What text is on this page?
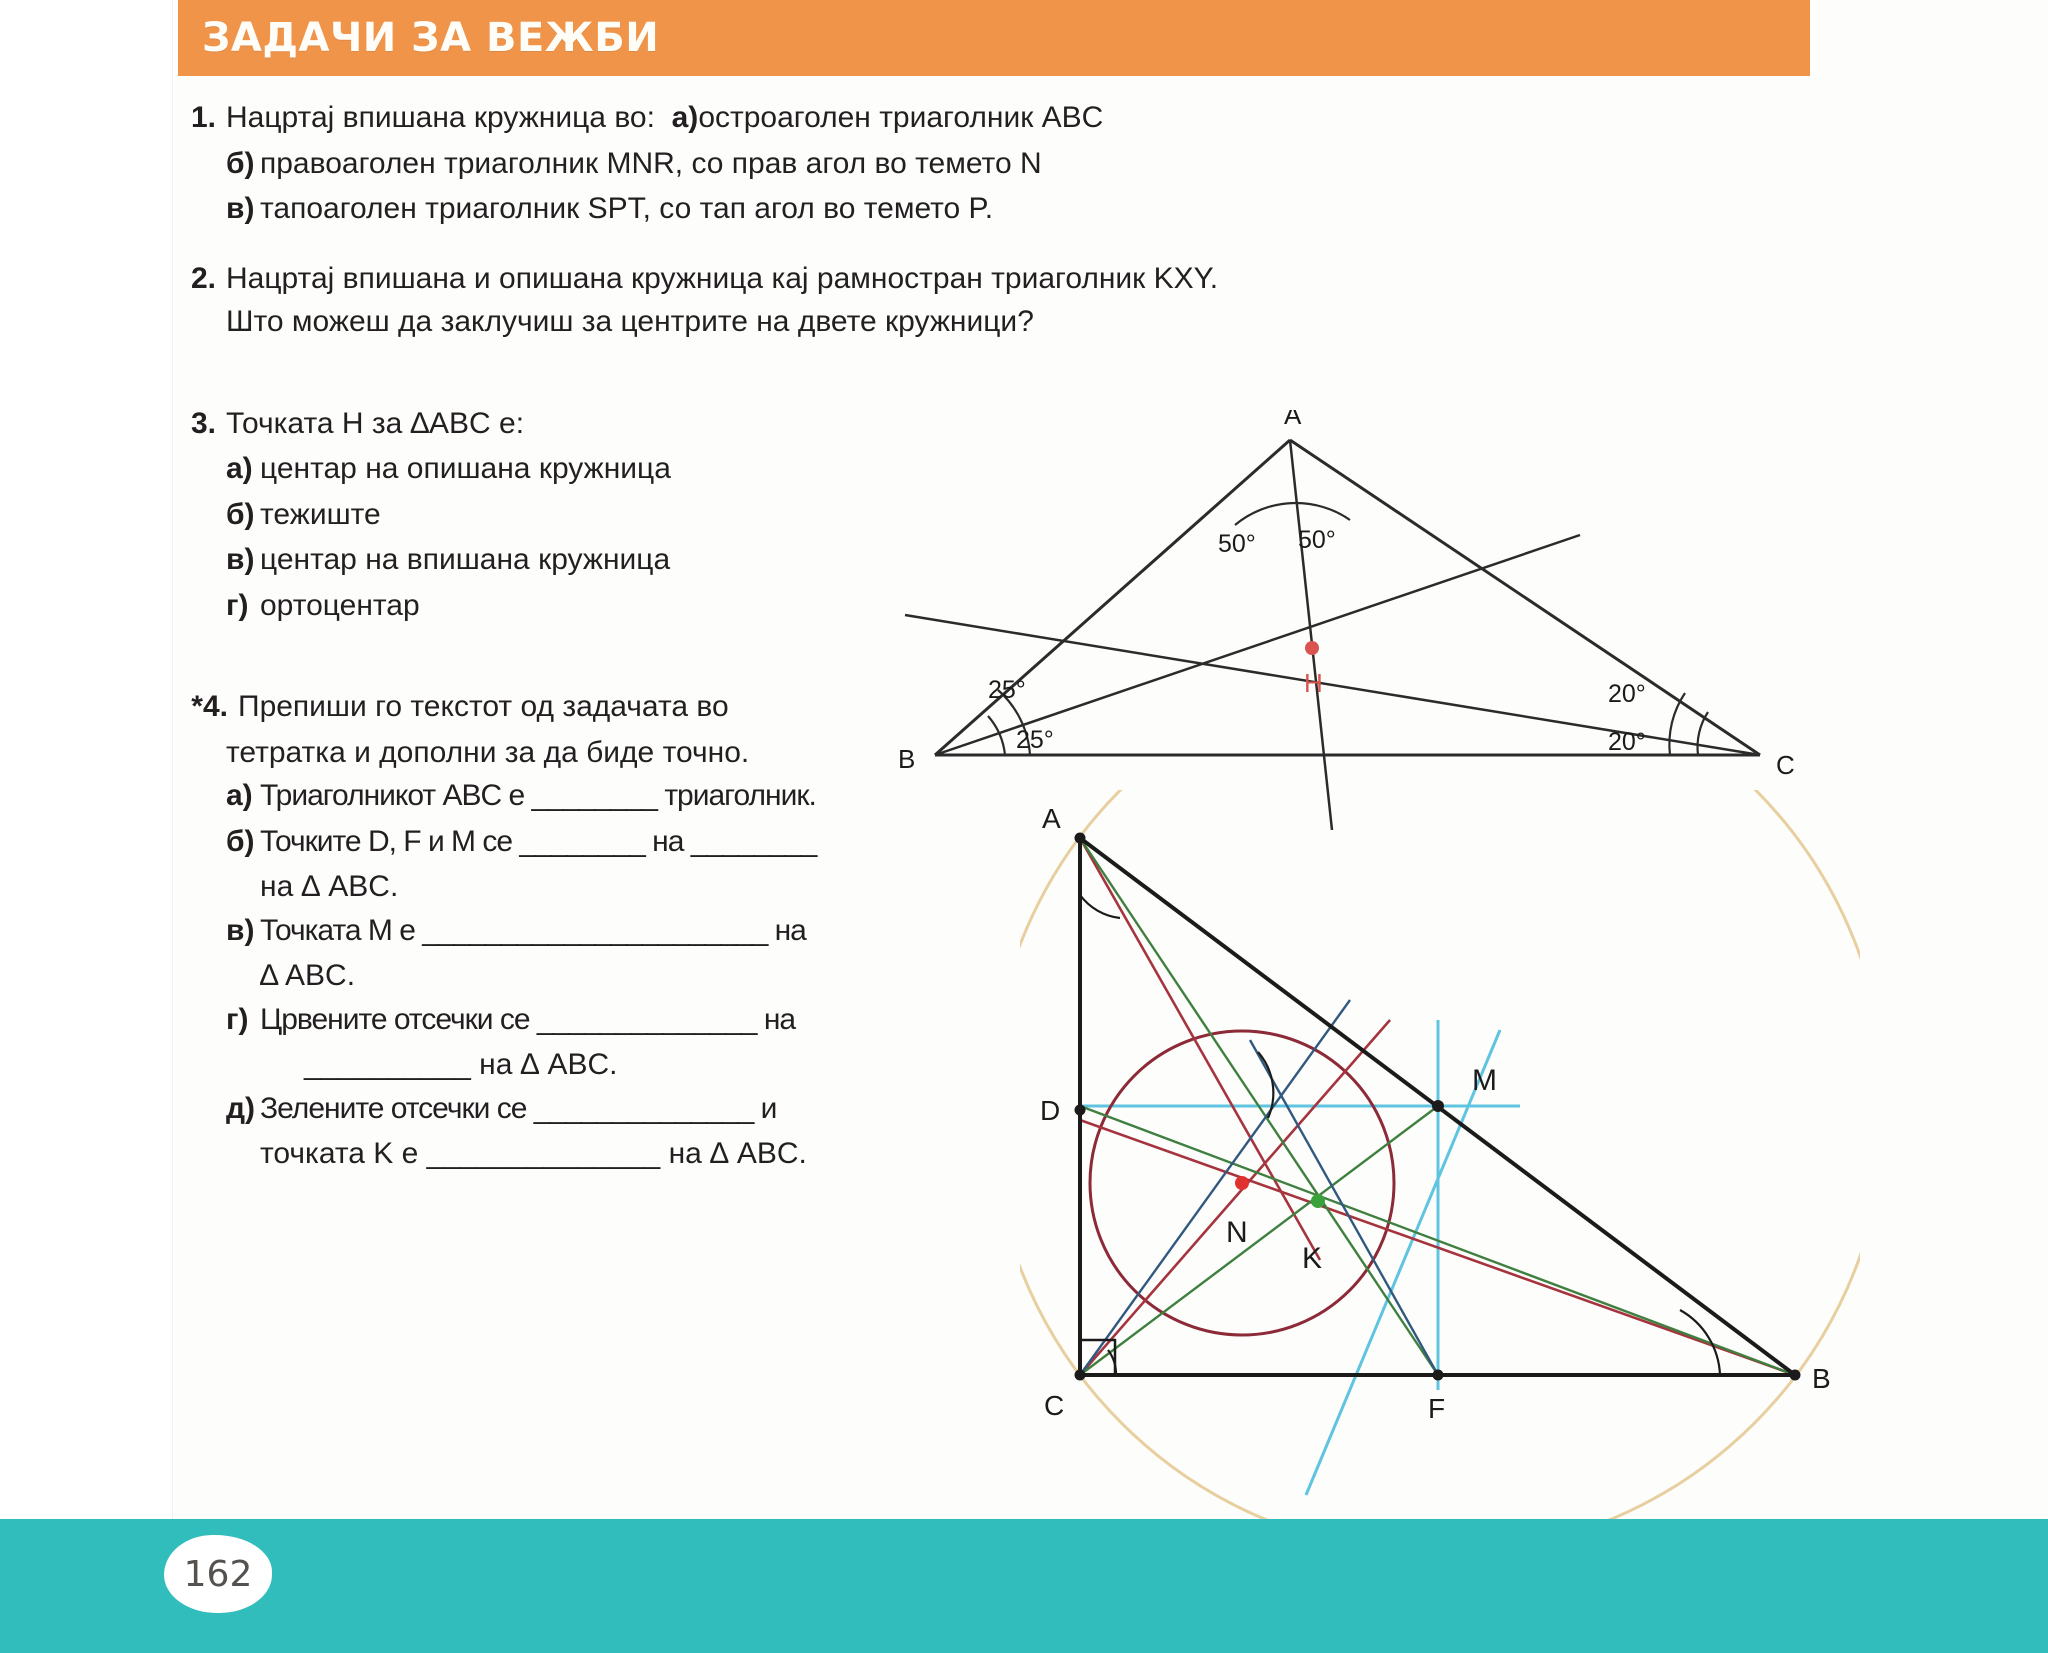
ЗАДАЧИ ЗА ВЕЖБИ
1. Нацртај впишана кружница во: а)остроаголен триаголник ABC
б) правоаголен триаголник MNR, со прав агол во темето N
в) тапоаголен триаголник SPT, со тап агол во темето P.
2. Нацртај впишана и опишана кружница кај рамностран триаголник KXY. Што можеш да заклучиш за центрите на двете кружници?
3. Точката H за ∆ABC е:
а) центар на опишана кружница
б) тежиште
в) центар на впишана кружница
г) ортоцентар
*4. Препиши го текстот од задачата во
тетратка и дополни за да биде точно.
а) Триаголникот ABC е ________ триаголник.
б) Точките D, F и M се ________ на ________
на ∆ ABC.
в) Точката M е ______________________ на
∆ ABC.
г) Црвените отсечки се ______________ на
__________ на ∆ ABC.
д) Зелените отсечки се ______________ и
точката K е ______________ на ∆ ABC.
A
B	C
H
50° 50°
25°
25°
20°
20°
A
C
B
D
F
M
N
K
162
